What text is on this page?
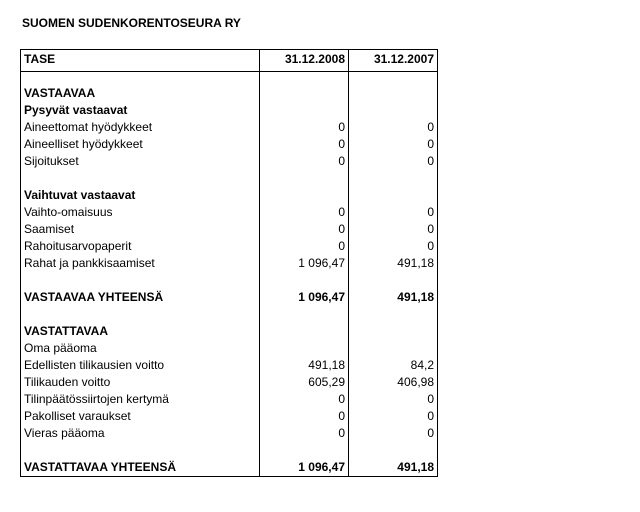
SUOMEN SUDENKORENTOSEURA RY
TASE	31.12.2008	31.12.2007

VASTAAVAA		
Pysyvät vastaavat		
Aineettomat hyödykkeet	0	0
Aineelliset hyödykkeet	0	0
Sijoitukset	0	0

Vaihtuvat vastaavat		
Vaihto-omaisuus	0	0
Saamiset	0	0
Rahoitusarvopaperit	0	0
Rahat ja pankkisaamiset	1 096,47	491,18

VASTAAVAA YHTEENSÄ	1 096,47	491,18

VASTATTAVAA		
Oma pääoma		
Edellisten tilikausien voitto	491,18	84,2
Tilikauden voitto	605,29	406,98
Tilinpäätössiirtojen kertymä	0	0
Pakolliset varaukset	0	0
Vieras pääoma	0	0

VASTATTAVAA YHTEENSÄ	1 096,47	491,18
